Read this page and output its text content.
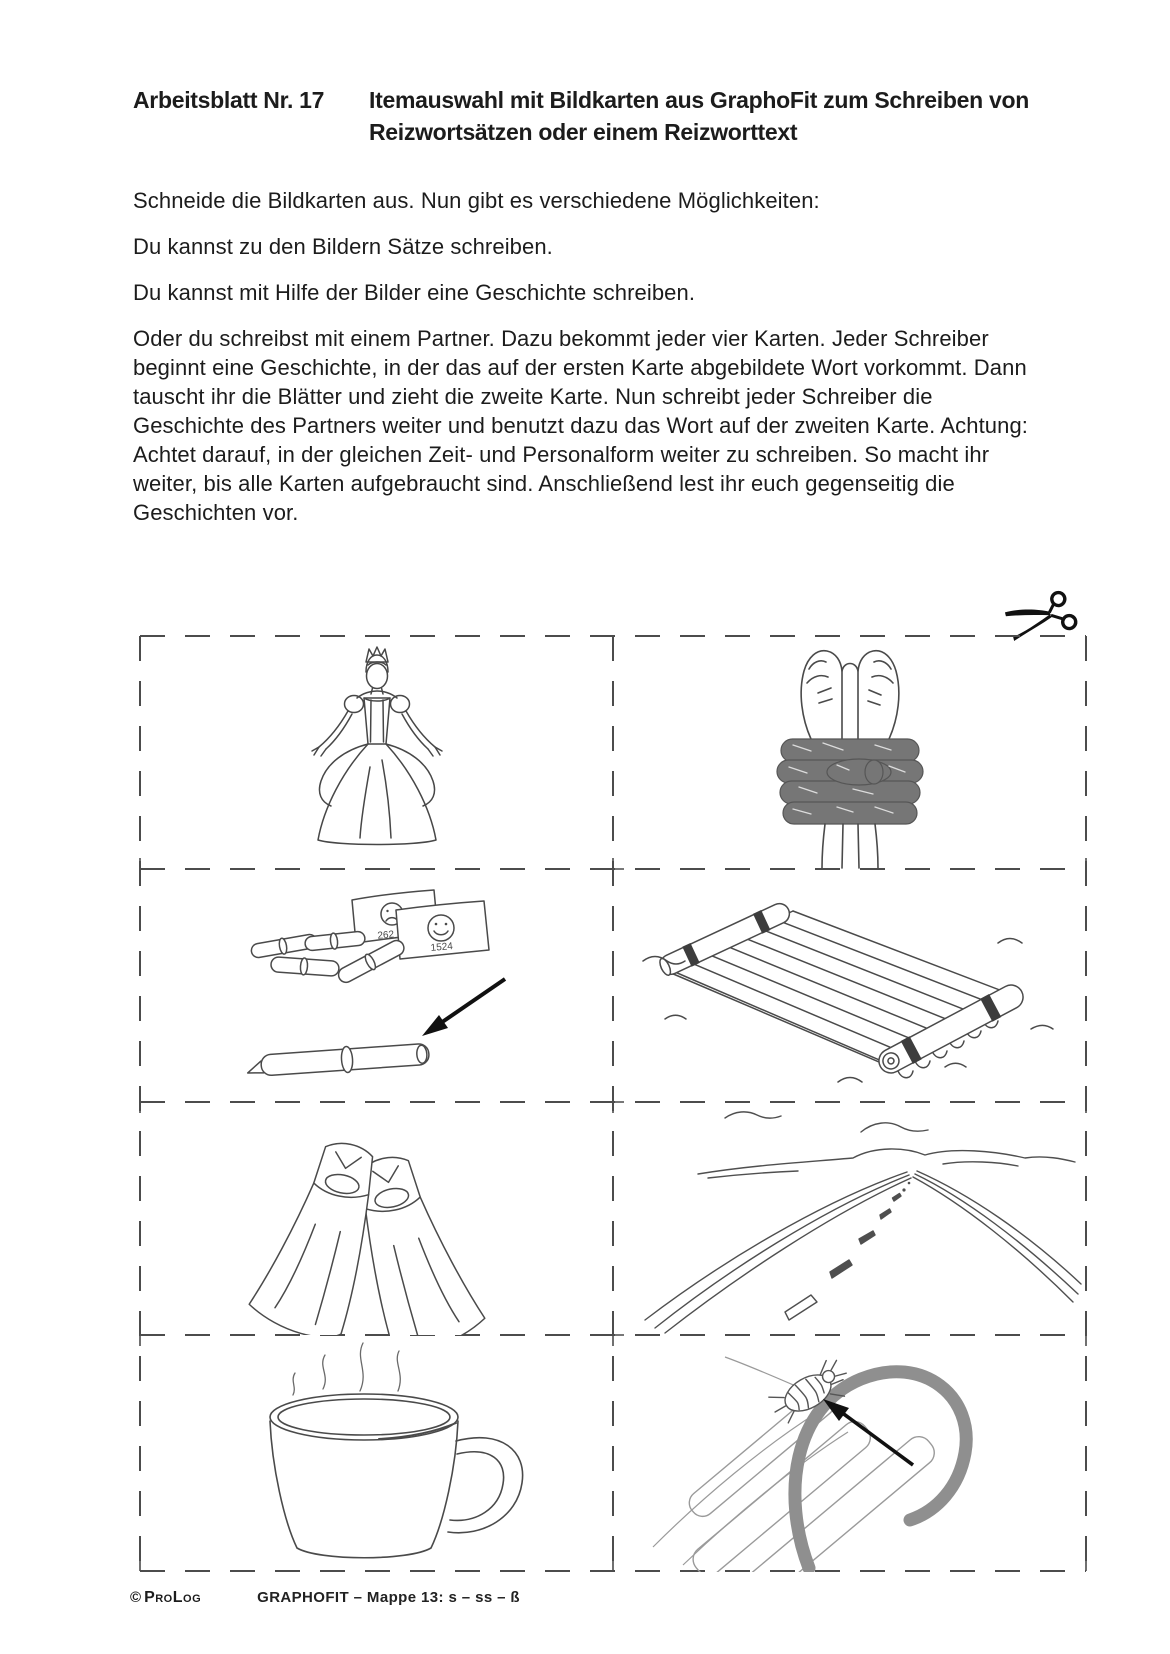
Arbeitsblatt Nr. 17	Itemauswahl mit Bildkarten aus GraphoFit zum Schreiben von Reizwortsätzen oder einem Reizworttext

Schneide die Bildkarten aus. Nun gibt es verschiedene Möglichkeiten:

Du kannst zu den Bildern Sätze schreiben.

Du kannst mit Hilfe der Bilder eine Geschichte schreiben.

Oder du schreibst mit einem Partner. Dazu bekommt jeder vier Karten. Jeder Schreiber beginnt eine Geschichte, in der das auf der ersten Karte abgebildete Wort vorkommt. Dann tauscht ihr die Blätter und zieht die zweite Karte. Nun schreibt jeder Schreiber die Geschichte des Partners weiter und benutzt dazu das Wort auf der zweiten Karte. Achtung: Achtet darauf, in der gleichen Zeit- und Personalform weiter zu schreiben. So macht ihr weiter, bis alle Karten aufgebraucht sind. Anschließend lest ihr euch gegenseitig die Geschichten vor.

262
1524
© ProLog	GRAPHOFIT – Mappe 13: s – ss – ß
